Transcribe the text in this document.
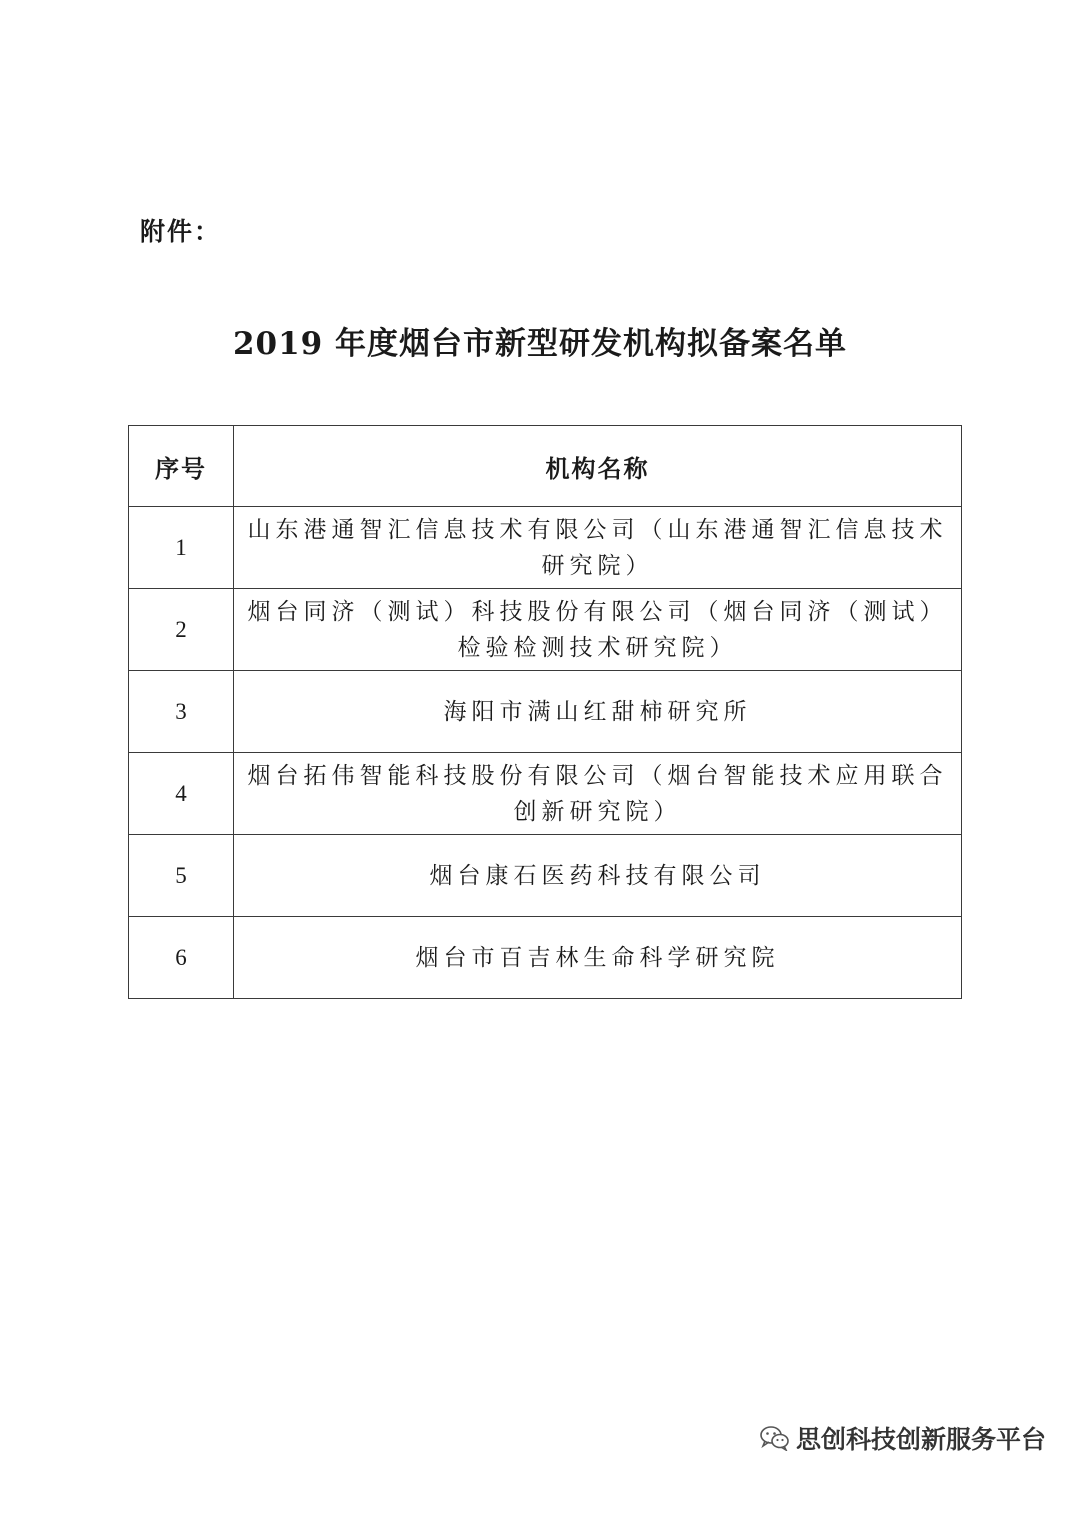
附件：
2019 年度烟台市新型研发机构拟备案名单
序号	机构名称
1	山东港通智汇信息技术有限公司（山东港通智汇信息技术研究院）
2	烟台同济（测试）科技股份有限公司（烟台同济（测试）检验检测技术研究院）
3	海阳市满山红甜柿研究所
4	烟台拓伟智能科技股份有限公司（烟台智能技术应用联合创新研究院）
5	烟台康石医药科技有限公司
6	烟台市百吉林生命科学研究院
思创科技创新服务平台
